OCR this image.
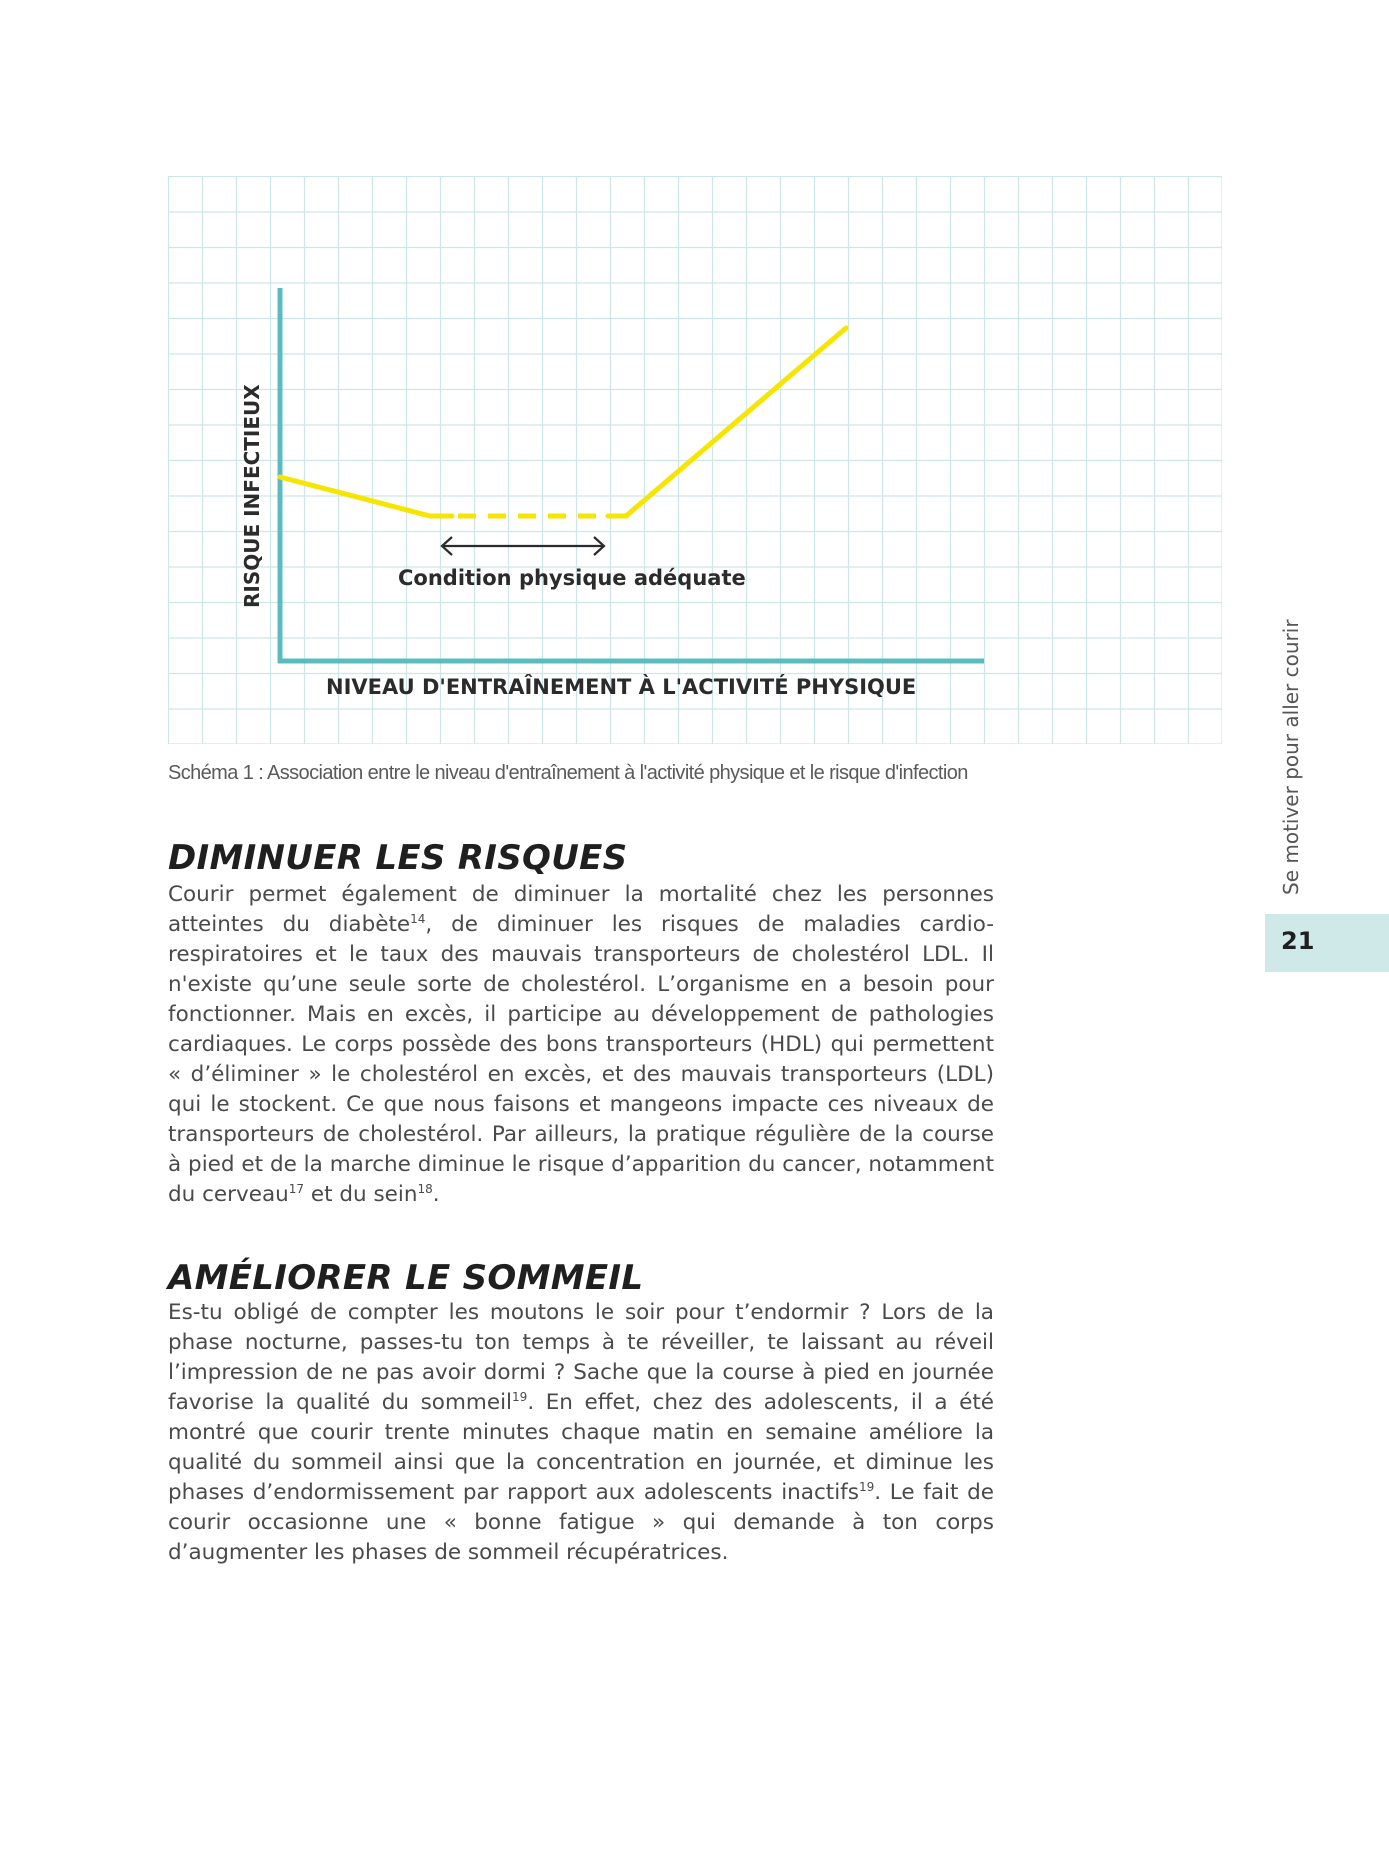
Condition physique adéquate
RISQUE INFECTIEUX
NIVEAU D'ENTRAÎNEMENT À L'ACTIVITÉ PHYSIQUE
Schéma 1 : Association entre le niveau d'entraînement à l'activité physique et le risque d'infection
DIMINUER LES RISQUES

Courir permet également de diminuer la mortalité chez les personnes atteintes du diabète$^{14}$, de diminuer les risques de maladies cardio-respiratoires et le taux des mauvais transporteurs de cholestérol LDL. Il n'existe qu’une seule sorte de cholestérol. L’organisme en a besoin pour fonctionner. Mais en excès, il participe au développement de pathologies cardiaques. Le corps possède des bons transporteurs (HDL) qui permettent « d’éliminer » le cholestérol en excès, et des mauvais transporteurs (LDL) qui le stockent. Ce que nous faisons et mangeons impacte ces niveaux de transporteurs de cholestérol. Par ailleurs, la pratique régulière de la course à pied et de la marche diminue le risque d’apparition du cancer, notamment du cerveau$^{17}$ et du sein$^{18}$.

AMÉLIORER LE SOMMEIL

Es-tu obligé de compter les moutons le soir pour t’endormir ? Lors de la phase nocturne, passes-tu ton temps à te réveiller, te laissant au réveil l’impression de ne pas avoir dormi ? Sache que la course à pied en journée favorise la qualité du sommeil$^{19}$. En effet, chez des adolescents, il a été montré que courir trente minutes chaque matin en semaine améliore la qualité du sommeil ainsi que la concentration en journée, et diminue les phases d’endormissement par rapport aux adolescents inactifs$^{19}$. Le fait de courir occasionne une « bonne fatigue » qui demande à ton corps d’augmenter les phases de sommeil récupératrices.

Se motiver pour aller courir
21
